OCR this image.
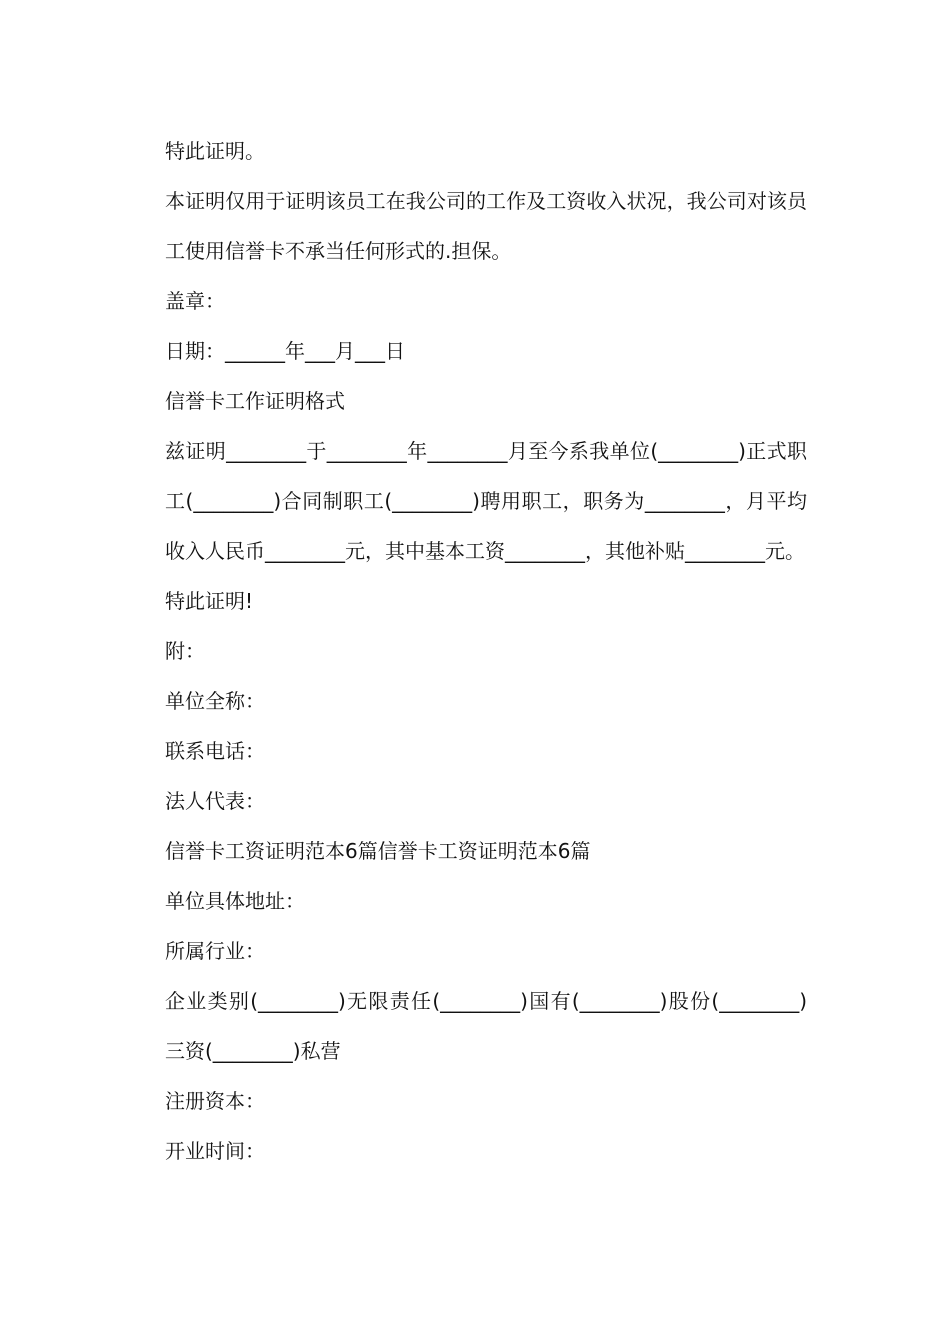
特此证明。

本证明仅用于证明该员工在我公司的工作及工资收入状况，我公司对该员工使用信誉卡不承当任何形式的.担保。

盖章：

日期：______年___月___日

信誉卡工作证明格式

兹证明________于________年________月至今系我单位(________)正式职工(________)合同制职工(________)聘用职工，职务为________，月平均收入人民币________元，其中基本工资________，其他补贴________元。

特此证明!

附：

单位全称：

联系电话：

法人代表：

信誉卡工资证明范本6篇信誉卡工资证明范本6篇

单位具体地址：

所属行业：

企业类别(________)无限责任(________)国有(________)股份(________)三资(________)私营

注册资本：

开业时间：
